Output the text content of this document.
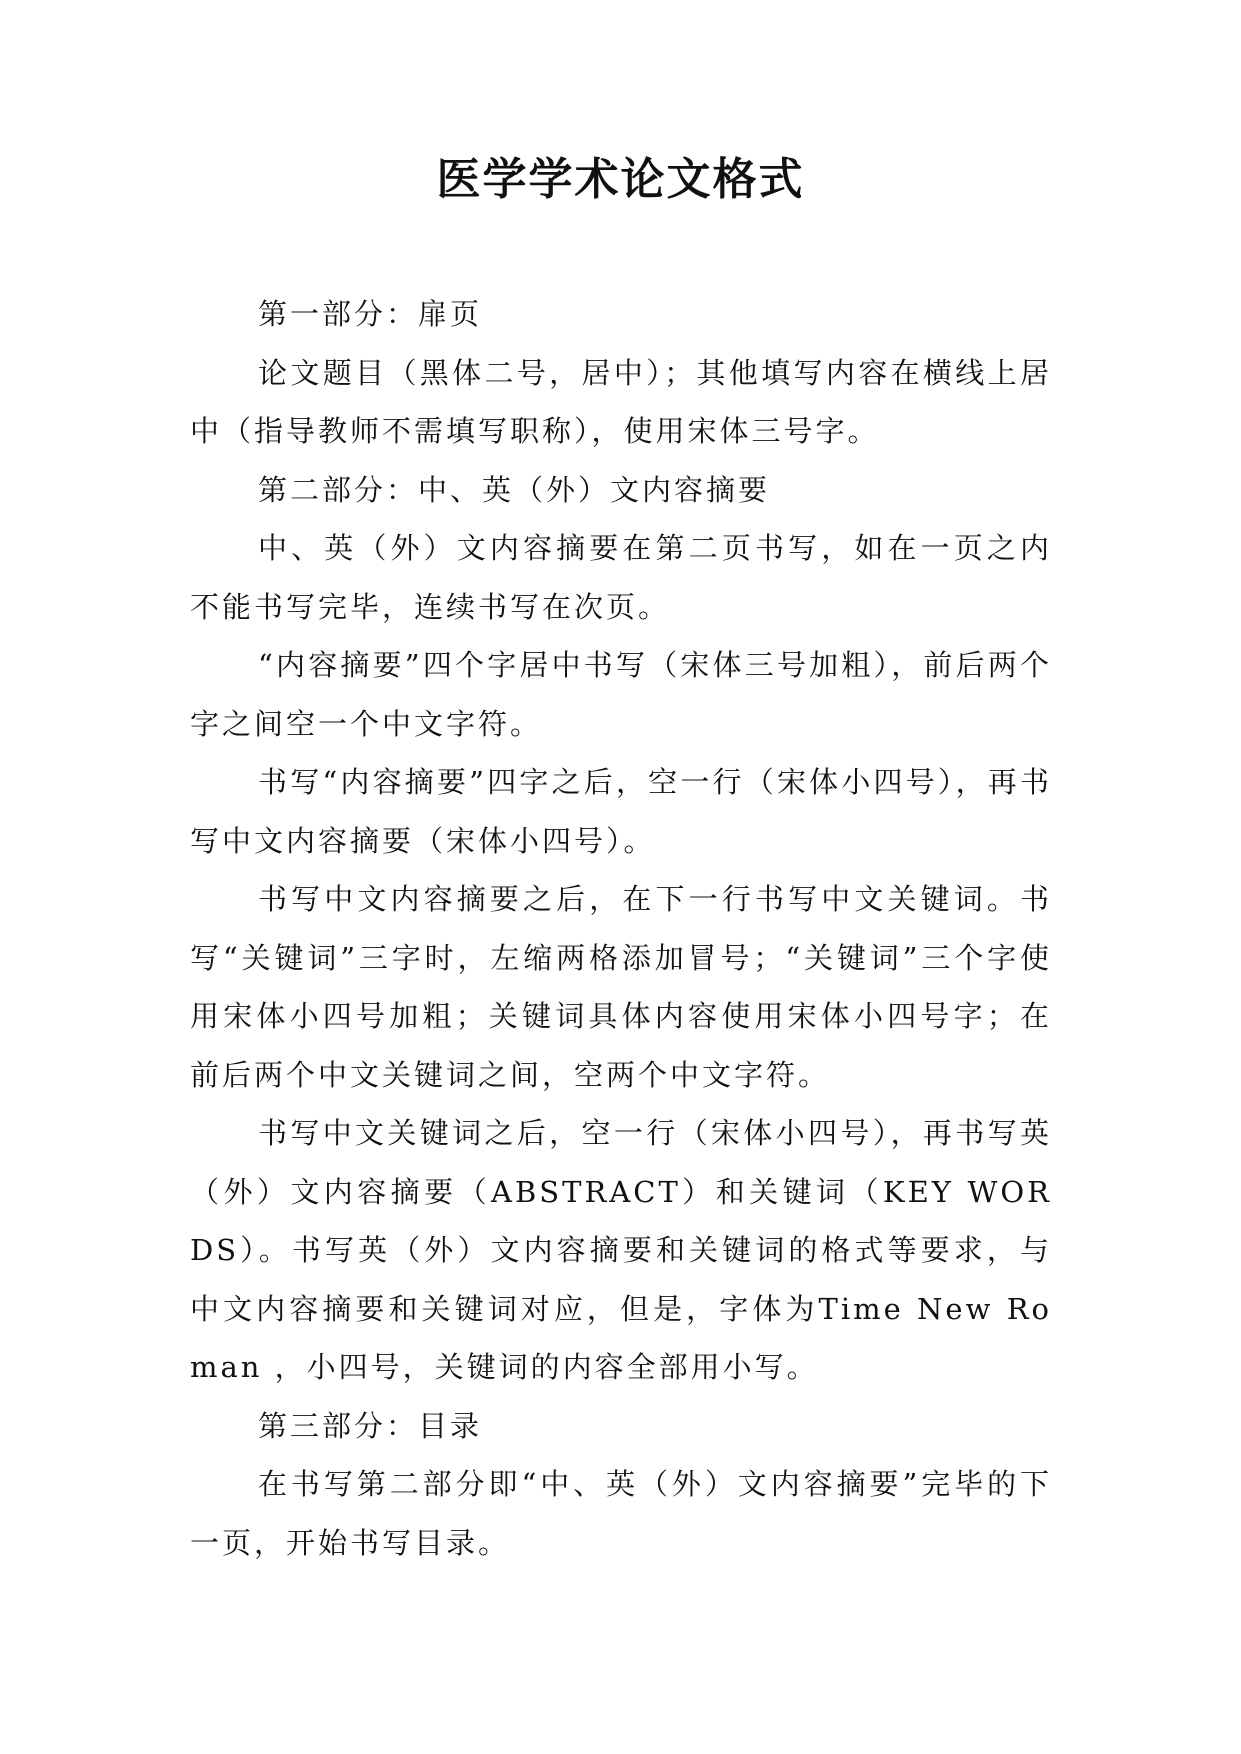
医学学术论文格式

第一部分：扉页

论文题目（黑体二号，居中）；其他填写内容在横线上居中（指导教师不需填写职称），使用宋体三号字。

第二部分：中、英（外）文内容摘要

中、英（外）文内容摘要在第二页书写，如在一页之内不能书写完毕，连续书写在次页。

“内容摘要”四个字居中书写（宋体三号加粗），前后两个字之间空一个中文字符。

书写“内容摘要”四字之后，空一行（宋体小四号），再书写中文内容摘要（宋体小四号）。

书写中文内容摘要之后，在下一行书写中文关键词。书写“关键词”三字时，左缩两格添加冒号；“关键词”三个字使用宋体小四号加粗；关键词具体内容使用宋体小四号字；在前后两个中文关键词之间，空两个中文字符。

书写中文关键词之后，空一行（宋体小四号），再书写英（外）文内容摘要（ABSTRACT）和关键词（KEY WORDS）。书写英（外）文内容摘要和关键词的格式等要求，与中文内容摘要和关键词对应，但是，字体为Time New Roman ，小四号，关键词的内容全部用小写。

第三部分：目录

在书写第二部分即“中、英（外）文内容摘要”完毕的下一页，开始书写目录。
